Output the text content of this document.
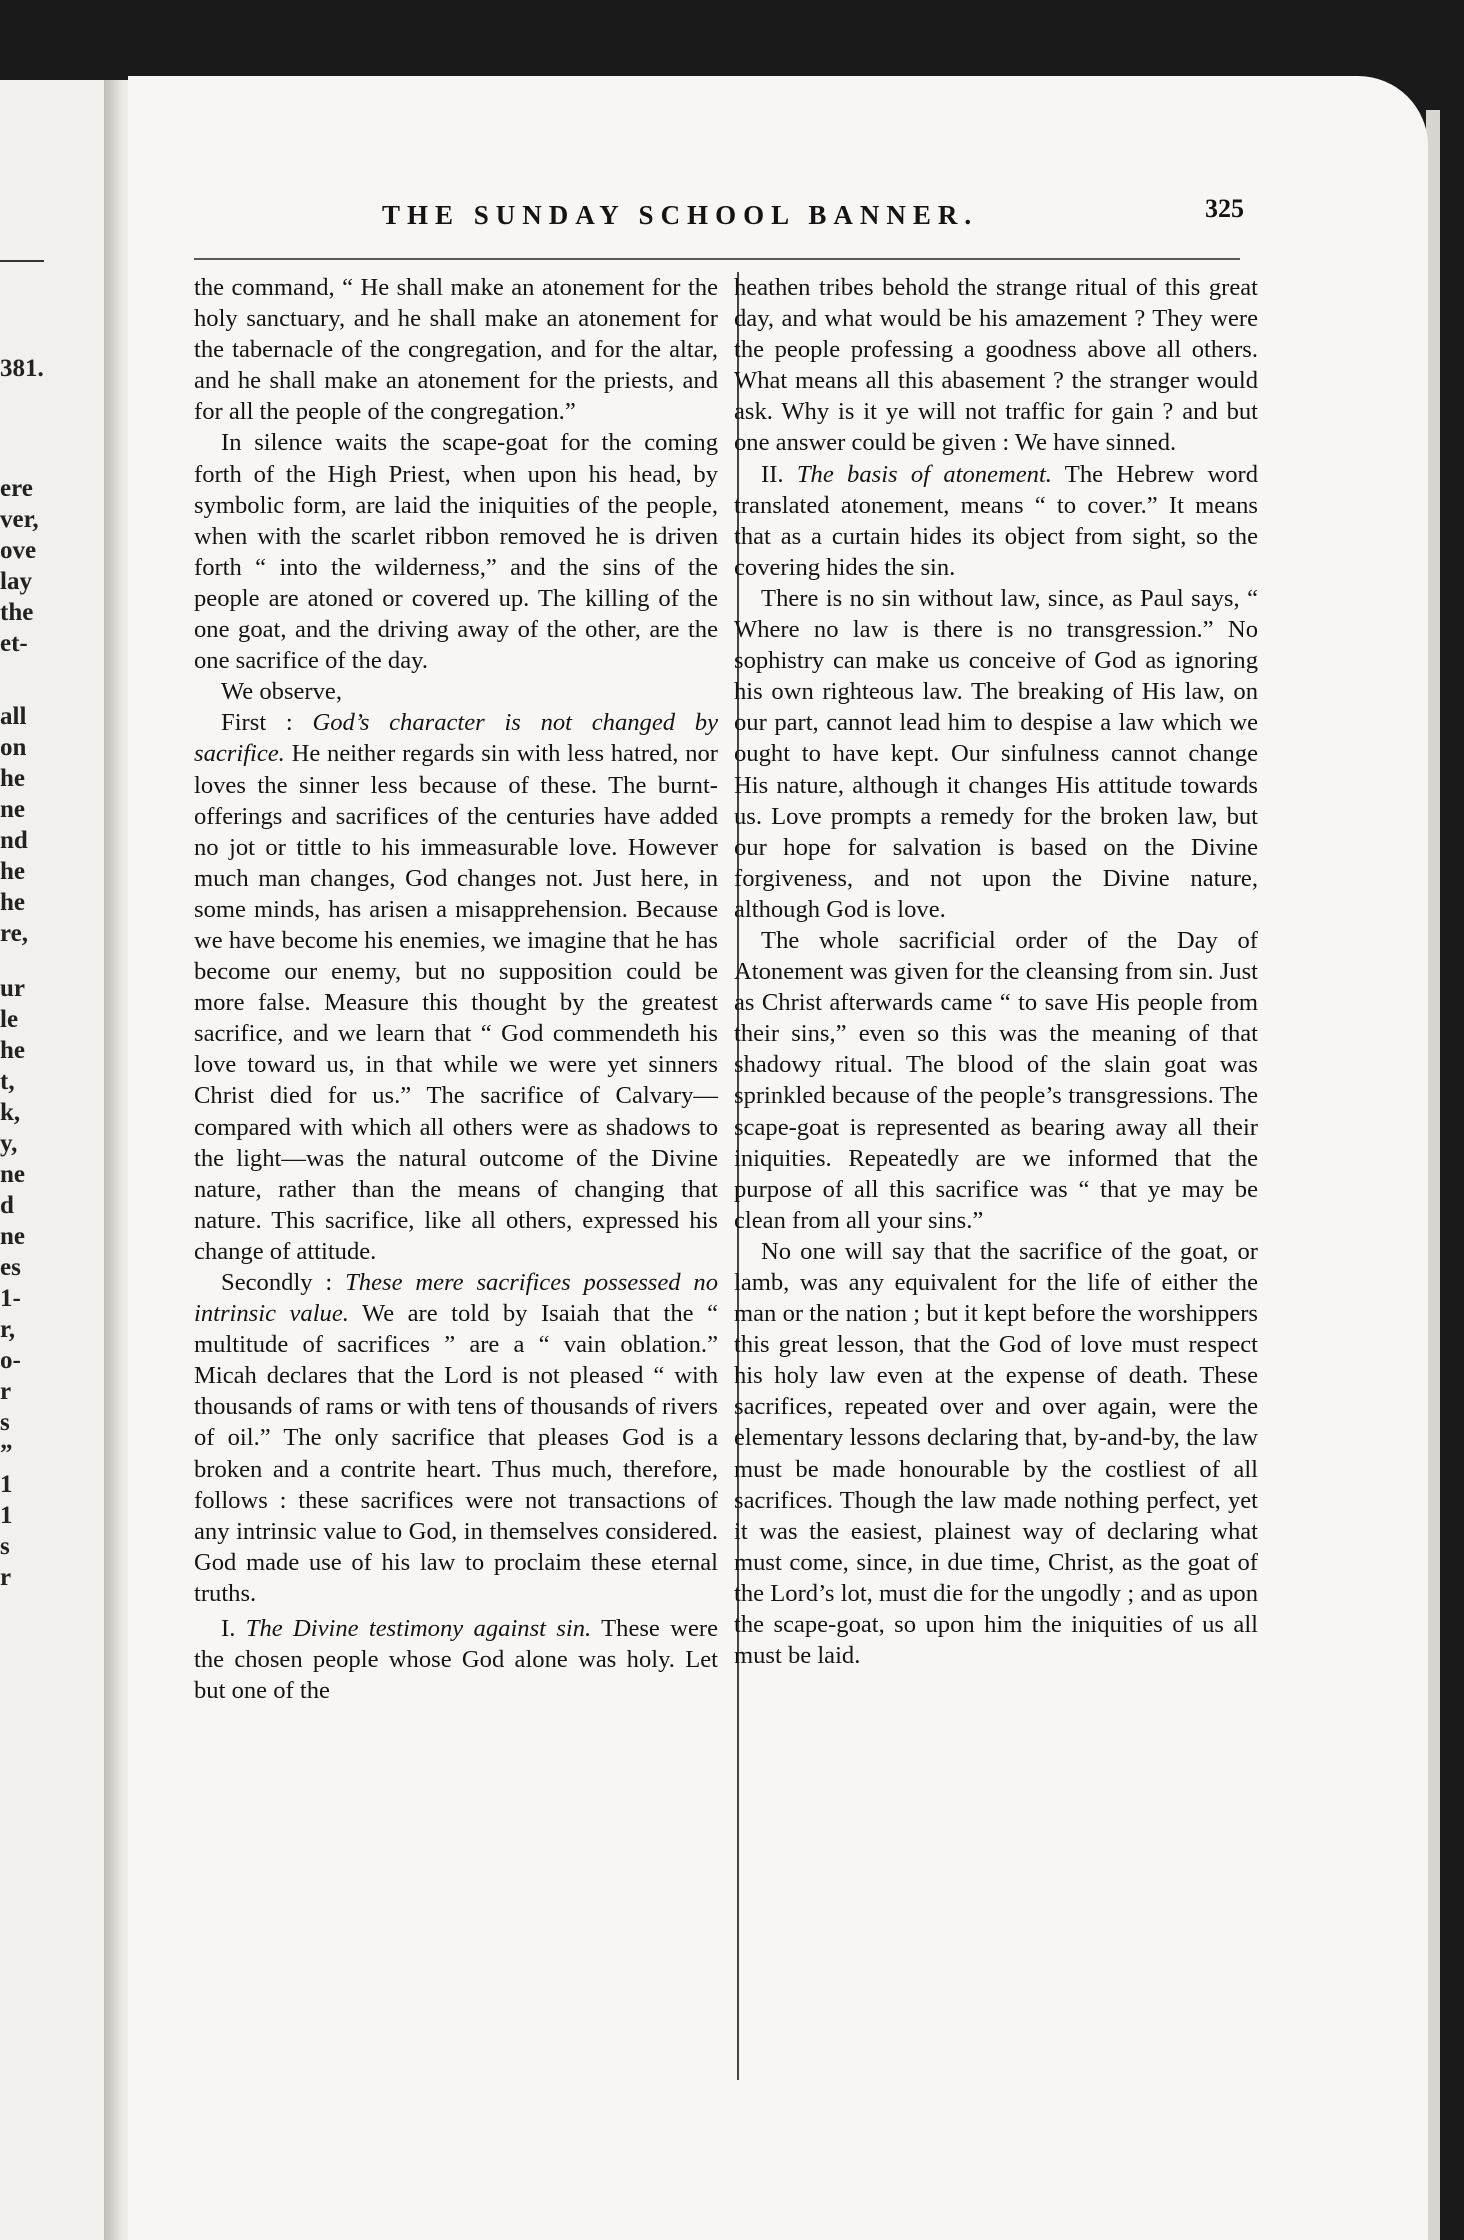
381.
ere
ver,
ove
lay
the
et-
all
on
he
ne
nd
he
he
re,
ur
le
he
t,
k,
y,
ne
d
ne
es
1-
r,
o-
r
s
”
1
1
s
r
THE SUNDAY SCHOOL BANNER.	325

the command, “ He shall make an atonement for the holy sanctuary, and he shall make an atonement for the tabernacle of the congregation, and for the altar, and he shall make an atonement for the priests, and for all the people of the congregation.”

In silence waits the scape-goat for the coming forth of the High Priest, when upon his head, by symbolic form, are laid the iniquities of the people, when with the scarlet ribbon removed he is driven forth “ into the wilderness,” and the sins of the people are atoned or covered up. The killing of the one goat, and the driving away of the other, are the one sacrifice of the day.

We observe,

First : God’s character is not changed by sacrifice. He neither regards sin with less hatred, nor loves the sinner less because of these. The burnt-offerings and sacrifices of the centuries have added no jot or tittle to his immeasurable love. However much man changes, God changes not. Just here, in some minds, has arisen a misapprehension. Because we have become his enemies, we imagine that he has become our enemy, but no supposition could be more false. Measure this thought by the greatest sacrifice, and we learn that “ God commendeth his love toward us, in that while we were yet sinners Christ died for us.” The sacrifice of Calvary—compared with which all others were as shadows to the light—was the natural outcome of the Divine nature, rather than the means of changing that nature. This sacrifice, like all others, expressed his change of attitude.

Secondly : These mere sacrifices possessed no intrinsic value. We are told by Isaiah that the “ multitude of sacrifices ” are a “ vain oblation.” Micah declares that the Lord is not pleased “ with thousands of rams or with tens of thousands of rivers of oil.” The only sacrifice that pleases God is a broken and a contrite heart. Thus much, therefore, follows : these sacrifices were not transactions of any intrinsic value to God, in themselves considered. God made use of his law to proclaim these eternal truths.

I. The Divine testimony against sin. These were the chosen people whose God alone was holy. Let but one of the

heathen tribes behold the strange ritual of this great day, and what would be his amazement ? They were the people professing a goodness above all others. What means all this abasement ? the stranger would ask. Why is it ye will not traffic for gain ? and but one answer could be given : We have sinned.

II. The basis of atonement. The Hebrew word translated atonement, means “ to cover.” It means that as a curtain hides its object from sight, so the covering hides the sin.

There is no sin without law, since, as Paul says, “ Where no law is there is no transgression.” No sophistry can make us conceive of God as ignoring his own righteous law. The breaking of His law, on our part, cannot lead him to despise a law which we ought to have kept. Our sinfulness cannot change His nature, although it changes His attitude towards us. Love prompts a remedy for the broken law, but our hope for salvation is based on the Divine forgiveness, and not upon the Divine nature, although God is love.

The whole sacrificial order of the Day of Atonement was given for the cleansing from sin. Just as Christ afterwards came “ to save His people from their sins,” even so this was the meaning of that shadowy ritual. The blood of the slain goat was sprinkled because of the people’s transgressions. The scape-goat is represented as bearing away all their iniquities. Repeatedly are we informed that the purpose of all this sacrifice was “ that ye may be clean from all your sins.”

No one will say that the sacrifice of the goat, or lamb, was any equivalent for the life of either the man or the nation ; but it kept before the worshippers this great lesson, that the God of love must respect his holy law even at the expense of death. These sacrifices, repeated over and over again, were the elementary lessons declaring that, by-and-by, the law must be made honourable by the costliest of all sacrifices. Though the law made nothing perfect, yet it was the easiest, plainest way of declaring what must come, since, in due time, Christ, as the goat of the Lord’s lot, must die for the ungodly ; and as upon the scape-goat, so upon him the iniquities of us all must be laid.
